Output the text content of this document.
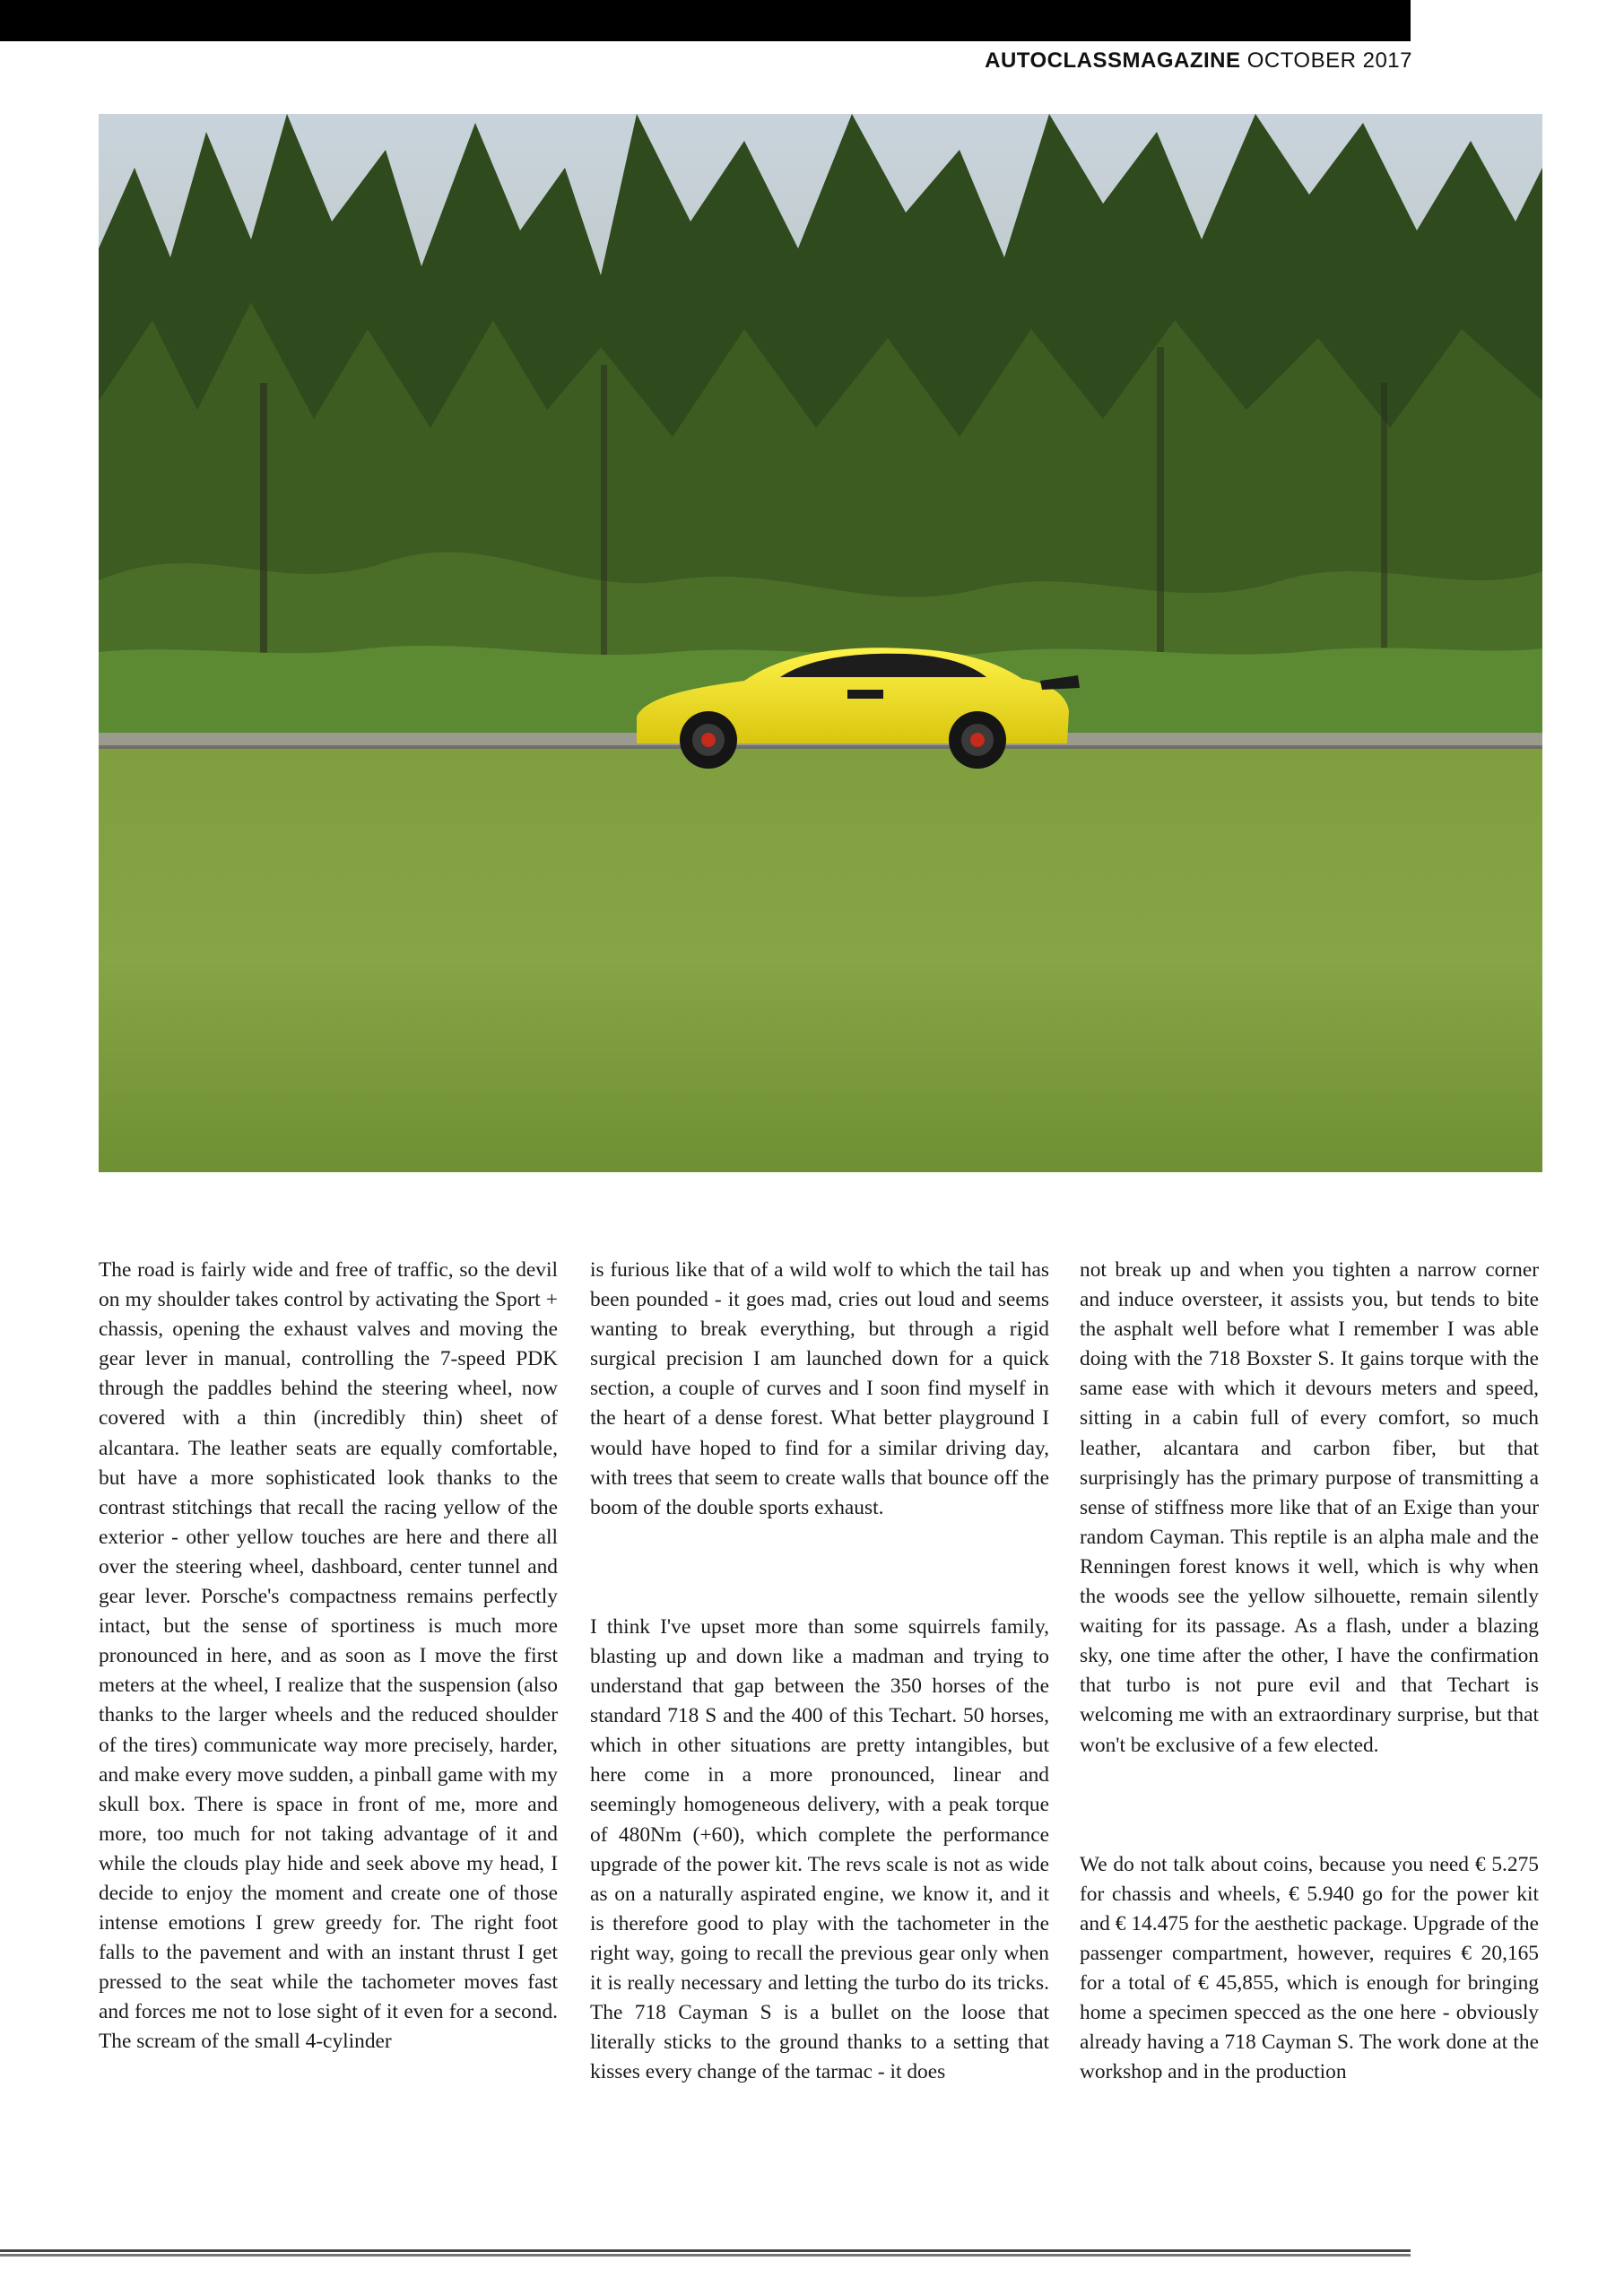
AUTOCLASSMAGAZINE OCTOBER 2017

The road is fairly wide and free of traffic, so the devil on my shoulder takes control by activating the Sport + chassis, opening the exhaust valves and moving the gear lever in manual, controlling the 7-speed PDK through the paddles behind the steering wheel, now covered with a thin (incredibly thin) sheet of alcantara. The leather seats are equally comfortable, but have a more sophisticated look thanks to the contrast stitchings that recall the racing yellow of the exterior - other yellow touches are here and there all over the steering wheel, dashboard, center tunnel and gear lever. Porsche's compactness remains perfectly intact, but the sense of sportiness is much more pronounced in here, and as soon as I move the first meters at the wheel, I realize that the suspension (also thanks to the larger wheels and the reduced shoulder of the tires) communicate way more precisely, harder, and make every move sudden, a pinball game with my skull box. There is space in front of me, more and more, too much for not taking advantage of it and while the clouds play hide and seek above my head, I decide to enjoy the moment and create one of those intense emotions I grew greedy for. The right foot falls to the pavement and with an instant thrust I get pressed to the seat while the tachometer moves fast and forces me not to lose sight of it even for a second. The scream of the small 4-cylinder

is furious like that of a wild wolf to which the tail has been pounded - it goes mad, cries out loud and seems wanting to break everything, but through a rigid surgical precision I am launched down for a quick section, a couple of curves and I soon find myself in the heart of a dense forest. What better playground I would have hoped to find for a similar driving day, with trees that seem to create walls that bounce off the boom of the double sports exhaust.

I think I've upset more than some squirrels family, blasting up and down like a madman and trying to understand that gap between the 350 horses of the standard 718 S and the 400 of this Techart. 50 horses, which in other situations are pretty intangibles, but here come in a more pronounced, linear and seemingly homogeneous delivery, with a peak torque of 480Nm (+60), which complete the performance upgrade of the power kit. The revs scale is not as wide as on a naturally aspirated engine, we know it, and it is therefore good to play with the tachometer in the right way, going to recall the previous gear only when it is really necessary and letting the turbo do its tricks. The 718 Cayman S is a bullet on the loose that literally sticks to the ground thanks to a setting that kisses every change of the tarmac - it does

not break up and when you tighten a narrow corner and induce oversteer, it assists you, but tends to bite the asphalt well before what I remember I was able doing with the 718 Boxster S. It gains torque with the same ease with which it devours meters and speed, sitting in a cabin full of every comfort, so much leather, alcantara and carbon fiber, but that surprisingly has the primary purpose of transmitting a sense of stiffness more like that of an Exige than your random Cayman. This reptile is an alpha male and the Renningen forest knows it well, which is why when the woods see the yellow silhouette, remain silently waiting for its passage. As a flash, under a blazing sky, one time after the other, I have the confirmation that turbo is not pure evil and that Techart is welcoming me with an extraordinary surprise, but that won't be exclusive of a few elected.

We do not talk about coins, because you need € 5.275 for chassis and wheels, € 5.940 go for the power kit and € 14.475 for the aesthetic package. Upgrade of the passenger compartment, however, requires € 20,165 for a total of € 45,855, which is enough for bringing home a specimen specced as the one here - obviously already having a 718 Cayman S. The work done at the workshop and in the production
